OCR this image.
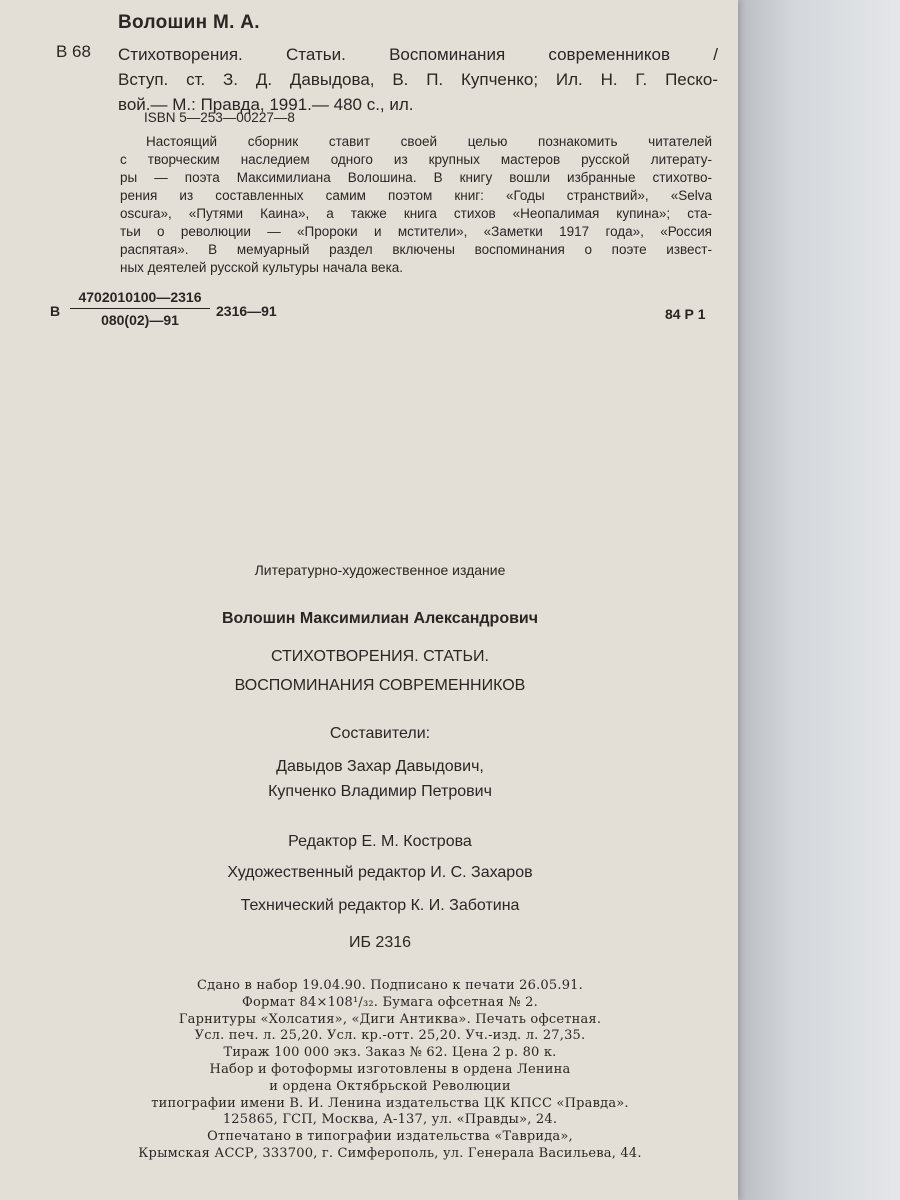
Волошин М. А.
В 68 Стихотворения. Статьи. Воспоминания современников /
Вступ. ст. З. Д. Давыдова, В. П. Купченко; Ил. Н. Г. Песко-
вой.— М.: Правда, 1991.— 480 с., ил.
ISBN 5—253—00227—8
Настоящий сборник ставит своей целью познакомить читателей
с творческим наследием одного из крупных мастеров русской литерату-
ры — поэта Максимилиана Волошина. В книгу вошли избранные стихотво-
рения из составленных самим поэтом книг: «Годы странствий», «Selva
oscura», «Путями Каина», а также книга стихов «Неопалимая купина»; ста-
тьи о революции — «Пророки и мстители», «Заметки 1917 года», «Россия
распятая». В мемуарный раздел включены воспоминания о поэте извест-
ных деятелей русской культуры начала века.
В $\frac{4702010100—2316}{080(02)—91}$ 2316—91	84 Р 1
Литературно-художественное издание
Волошин Максимилиан Александрович
СТИХОТВОРЕНИЯ. СТАТЬИ.
ВОСПОМИНАНИЯ СОВРЕМЕННИКОВ
Составители:
Давыдов Захар Давыдович,
Купченко Владимир Петрович
Редактор Е. М. Кострова
Художественный редактор И. С. Захаров
Технический редактор К. И. Заботина
ИБ 2316
Сдано в набор 19.04.90. Подписано к печати 26.05.91.
Формат 84×108¹/₃₂. Бумага офсетная № 2.
Гарнитуры «Холсатия», «Диги Антиква». Печать офсетная.
Усл. печ. л. 25,20. Усл. кр.-отт. 25,20. Уч.-изд. л. 27,35.
Тираж 100 000 экз. Заказ № 62. Цена 2 р. 80 к.
Набор и фотоформы изготовлены в ордена Ленина
и ордена Октябрьской Революции
типографии имени В. И. Ленина издательства ЦК КПСС «Правда».
125865, ГСП, Москва, А-137, ул. «Правды», 24.
Отпечатано в типографии издательства «Таврида»,
Крымская АССР, 333700, г. Симферополь, ул. Генерала Васильева, 44.
